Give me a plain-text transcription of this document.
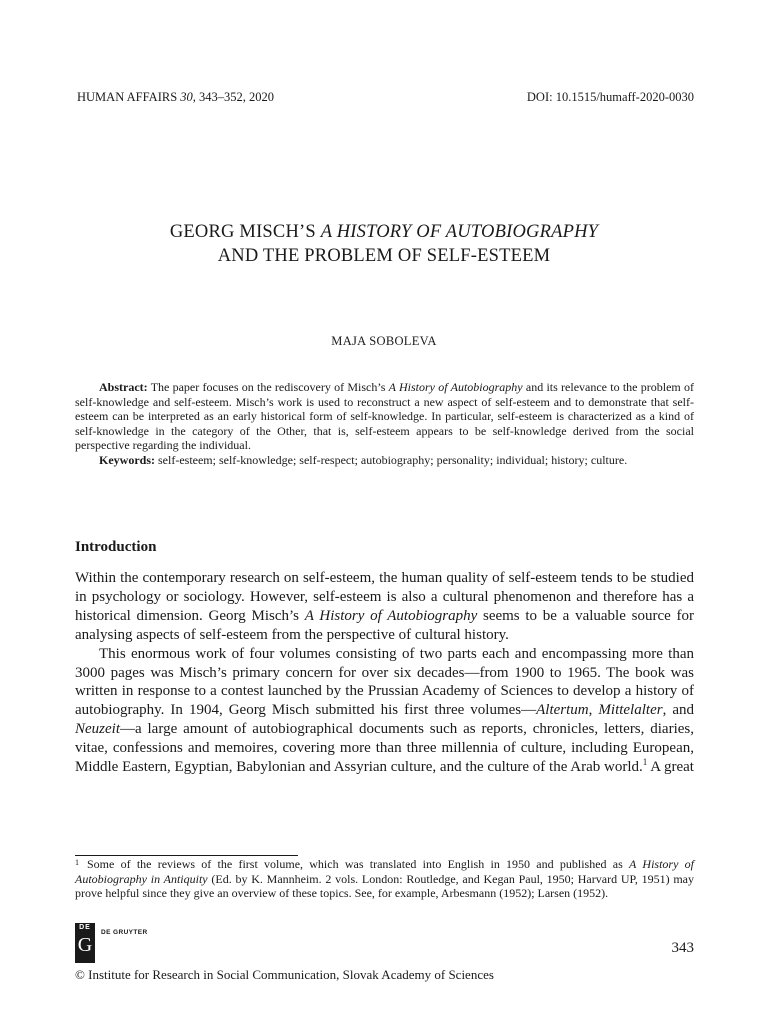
HUMAN AFFAIRS 30, 343–352, 2020	DOI: 10.1515/humaff-2020-0030
GEORG MISCH’S A HISTORY OF AUTOBIOGRAPHY
AND THE PROBLEM OF SELF-ESTEEM
MAJA SOBOLEVA

Abstract: The paper focuses on the rediscovery of Misch’s A History of Autobiography and its relevance to the problem of self-knowledge and self-esteem. Misch’s work is used to reconstruct a new aspect of self-esteem and to demonstrate that self-esteem can be interpreted as an early historical form of self-knowledge. In particular, self-esteem is characterized as a kind of self-knowledge in the category of the Other, that is, self-esteem appears to be self-knowledge derived from the social perspective regarding the individual.

Keywords: self-esteem; self-knowledge; self-respect; autobiography; personality; individual; history; culture.

Introduction

Within the contemporary research on self-esteem, the human quality of self-esteem tends to be studied in psychology or sociology. However, self-esteem is also a cultural phenomenon and therefore has a historical dimension. Georg Misch’s A History of Autobiography seems to be a valuable source for analysing aspects of self-esteem from the perspective of cultural history.

This enormous work of four volumes consisting of two parts each and encompassing more than 3000 pages was Misch’s primary concern for over six decades—from 1900 to 1965. The book was written in response to a contest launched by the Prussian Academy of Sciences to develop a history of autobiography. In 1904, Georg Misch submitted his first three volumes—Altertum, Mittelalter, and Neuzeit—a large amount of autobiographical documents such as reports, chronicles, letters, diaries, vitae, confessions and memoires, covering more than three millennia of culture, including European, Middle Eastern, Egyptian, Babylonian and Assyrian culture, and the culture of the Arab world.$^1$ A great

$^1$ Some of the reviews of the first volume, which was translated into English in 1950 and published as A History of Autobiography in Antiquity (Ed. by K. Mannheim. 2 vols. London: Routledge, and Kegan Paul, 1950; Harvard UP, 1951) may prove helpful since they give an overview of these topics. See, for example, Arbesmann (1952); Larsen (1952).

DE
G
DE GRUYTER
343
© Institute for Research in Social Communication, Slovak Academy of Sciences
